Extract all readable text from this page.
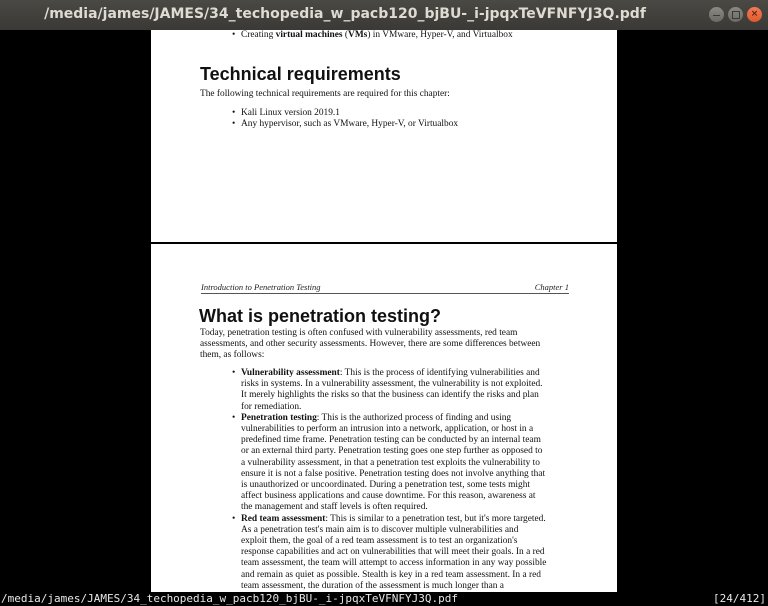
/media/james/JAMES/34_techopedia_w_pacb120_bjBU-_i-jpqxTeVFNFYJ3Q.pdf	×
• Creating virtual machines (VMs) in VMware, Hyper-V, and Virtualbox
Technical requirements
The following technical requirements are required for this chapter:
• Kali Linux version 2019.1
• Any hypervisor, such as VMware, Hyper-V, or Virtualbox
Introduction to Penetration Testing	Chapter 1
What is penetration testing?
Today, penetration testing is often confused with vulnerability assessments, red team
assessments, and other security assessments. However, there are some differences between
them, as follows:
• Vulnerability assessment: This is the process of identifying vulnerabilities and
risks in systems. In a vulnerability assessment, the vulnerability is not exploited.
It merely highlights the risks so that the business can identify the risks and plan
for remediation.
• Penetration testing: This is the authorized process of finding and using
vulnerabilities to perform an intrusion into a network, application, or host in a
predefined time frame. Penetration testing can be conducted by an internal team
or an external third party. Penetration testing goes one step further as opposed to
a vulnerability assessment, in that a penetration test exploits the vulnerability to
ensure it is not a false positive. Penetration testing does not involve anything that
is unauthorized or uncoordinated. During a penetration test, some tests might
affect business applications and cause downtime. For this reason, awareness at
the management and staff levels is often required.
• Red team assessment: This is similar to a penetration test, but it's more targeted.
As a penetration test's main aim is to discover multiple vulnerabilities and
exploit them, the goal of a red team assessment is to test an organization's
response capabilities and act on vulnerabilities that will meet their goals. In a red
team assessment, the team will attempt to access information in any way possible
and remain as quiet as possible. Stealth is key in a red team assessment. In a red
team assessment, the duration of the assessment is much longer than a
/media/james/JAMES/34_techopedia_w_pacb120_bjBU-_i-jpqxTeVFNFYJ3Q.pdf	[24/412]
